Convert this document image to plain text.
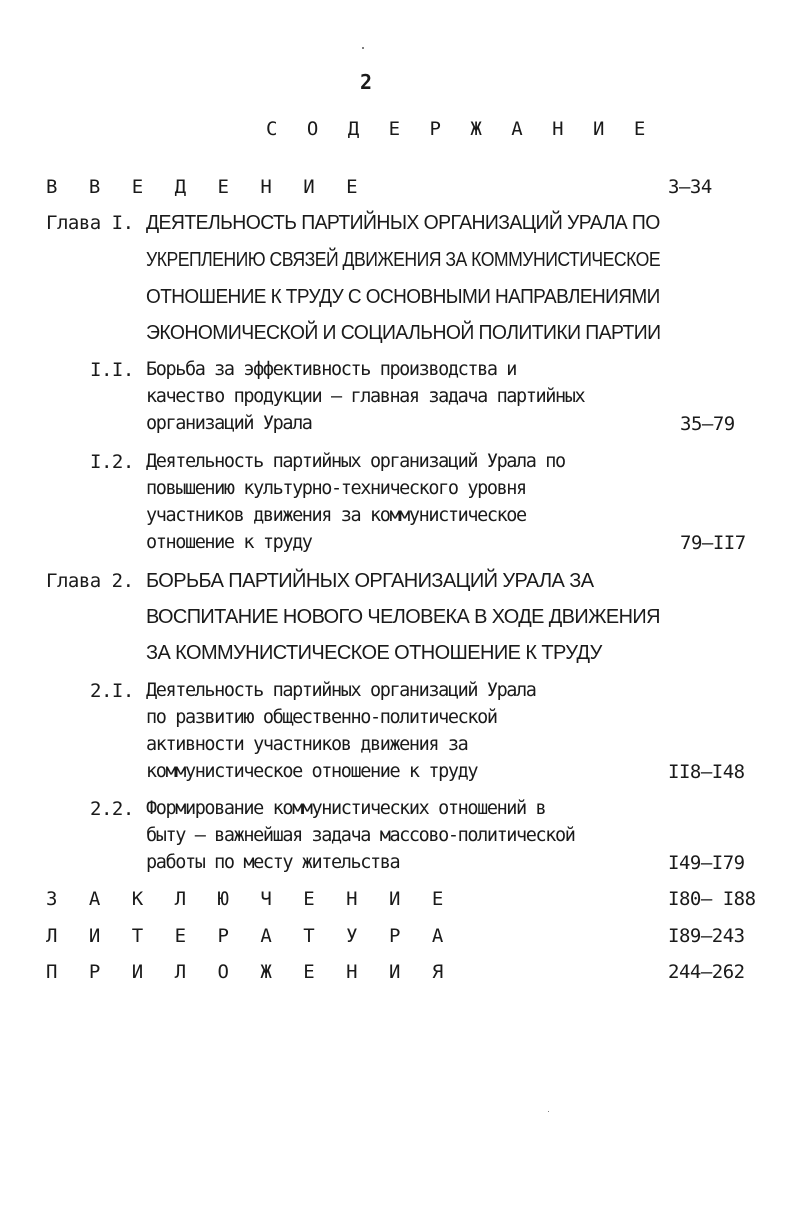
2
С О Д Е Р Ж А Н И Е
В В Е Д Е Н И Е	3–34
Глава I. ДЕЯТЕЛЬНОСТЬ ПАРТИЙНЫХ ОРГАНИЗАЦИЙ УРАЛА ПО
УКРЕПЛЕНИЮ СВЯЗЕЙ ДВИЖЕНИЯ ЗА КОММУНИСТИЧЕСКОЕ
ОТНОШЕНИЕ К ТРУДУ С ОСНОВНЫМИ НАПРАВЛЕНИЯМИ
ЭКОНОМИЧЕСКОЙ И СОЦИАЛЬНОЙ ПОЛИТИКИ ПАРТИИ
I.I. Борьба за эффективность производства и
качество продукции – главная задача партийных
организаций Урала	35–79
I.2. Деятельность партийных организаций Урала по
повышению культурно-технического уровня
участников движения за коммунистическое
отношение к труду	79–II7
Глава 2. БОРЬБА ПАРТИЙНЫХ ОРГАНИЗАЦИЙ УРАЛА ЗА
ВОСПИТАНИЕ НОВОГО ЧЕЛОВЕКА В ХОДЕ ДВИЖЕНИЯ
ЗА КОММУНИСТИЧЕСКОЕ ОТНОШЕНИЕ К ТРУДУ
2.I. Деятельность партийных организаций Урала
по развитию общественно-политической
активности участников движения за
коммунистическое отношение к труду	II8–I48
2.2. Формирование коммунистических отношений в
быту – важнейшая задача массово-политической
работы по месту жительства	I49–I79
З А К Л Ю Ч Е Н И Е	I80– I88
Л И Т Е Р А Т У Р А	I89–243
П Р И Л О Ж Е Н И Я	244–262
